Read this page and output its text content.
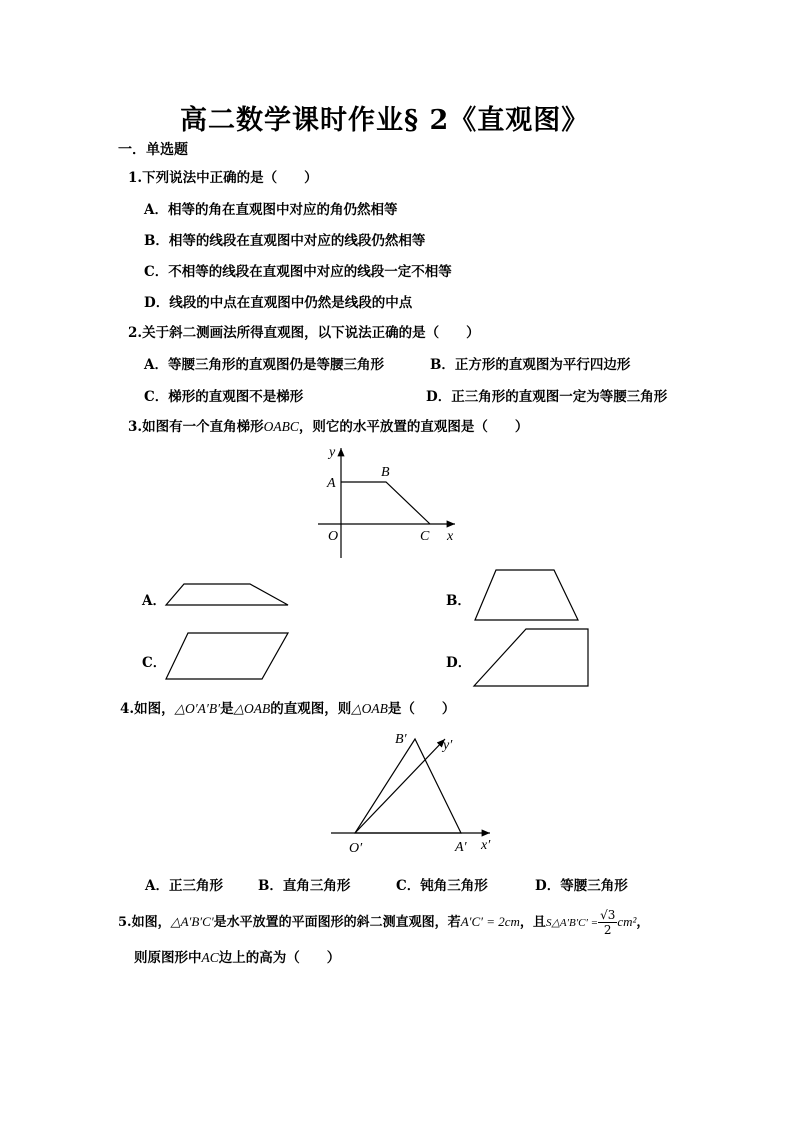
高二数学课时作业§ 2《直观图》
一．单选题
1.下列说法中正确的是（　　）
A．相等的角在直观图中对应的角仍然相等
B．相等的线段在直观图中对应的线段仍然相等
C．不相等的线段在直观图中对应的线段一定不相等
D．线段的中点在直观图中仍然是线段的中点
2.关于斜二测画法所得直观图，以下说法正确的是（　　）
A．等腰三角形的直观图仍是等腰三角形	B．正方形的直观图为平行四边形
C．梯形的直观图不是梯形	D．正三角形的直观图一定为等腰三角形
3.如图有一个直角梯形OABC，则它的水平放置的直观图是（　　）
y
A
B
O	C x
A．	B．
C．	D．
4.如图，△O′A′B′是△OAB的直观图，则△OAB是（　　）
B′	y′
O′	A′ x′
A．正三角形	B．直角三角形	C．钝角三角形	D．等腰三角形
5.如图，△A′B′C′是水平放置的平面图形的斜二测直观图，若A′C′ = 2cm，且S△A′B′C′ = $\frac{√3}{2} cm^2$，
则原图形中AC边上的高为（　　）
